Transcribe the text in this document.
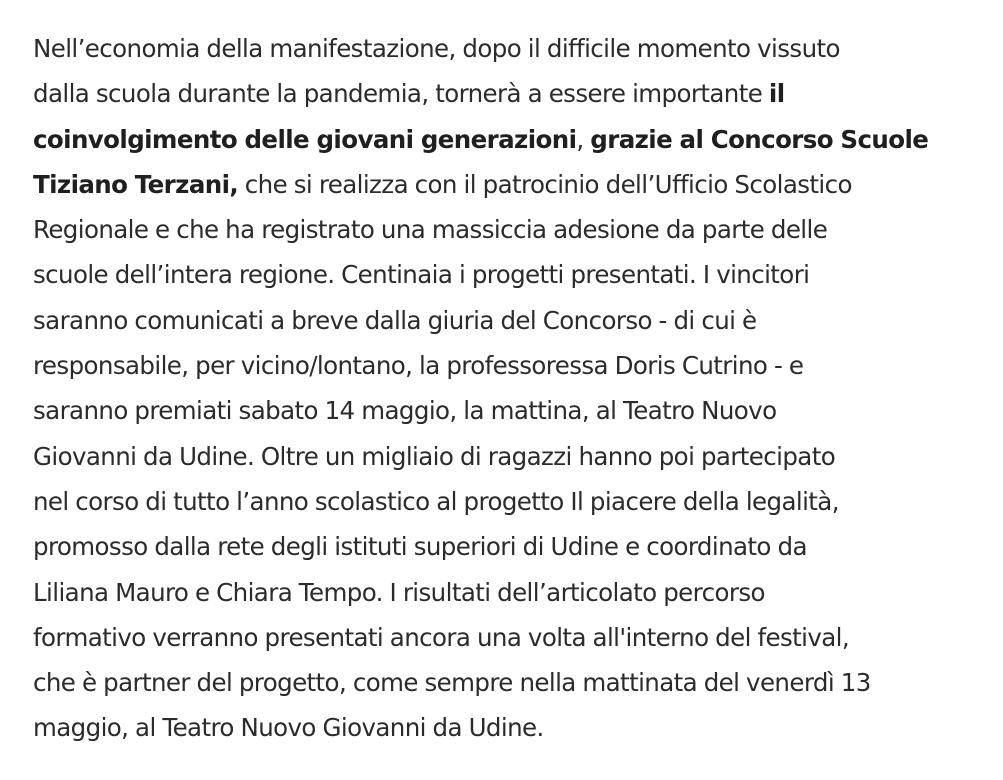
Nell’economia della manifestazione, dopo il difficile momento vissuto
dalla scuola durante la pandemia, tornerà a essere importante il
coinvolgimento delle giovani generazioni, grazie al Concorso Scuole
Tiziano Terzani, che si realizza con il patrocinio dell’Ufficio Scolastico
Regionale e che ha registrato una massiccia adesione da parte delle
scuole dell’intera regione. Centinaia i progetti presentati. I vincitori
saranno comunicati a breve dalla giuria del Concorso - di cui è
responsabile, per vicino/lontano, la professoressa Doris Cutrino - e
saranno premiati sabato 14 maggio, la mattina, al Teatro Nuovo
Giovanni da Udine. Oltre un migliaio di ragazzi hanno poi partecipato
nel corso di tutto l’anno scolastico al progetto Il piacere della legalità,
promosso dalla rete degli istituti superiori di Udine e coordinato da
Liliana Mauro e Chiara Tempo. I risultati dell’articolato percorso
formativo verranno presentati ancora una volta all'interno del festival,
che è partner del progetto, come sempre nella mattinata del venerdì 13
maggio, al Teatro Nuovo Giovanni da Udine.
